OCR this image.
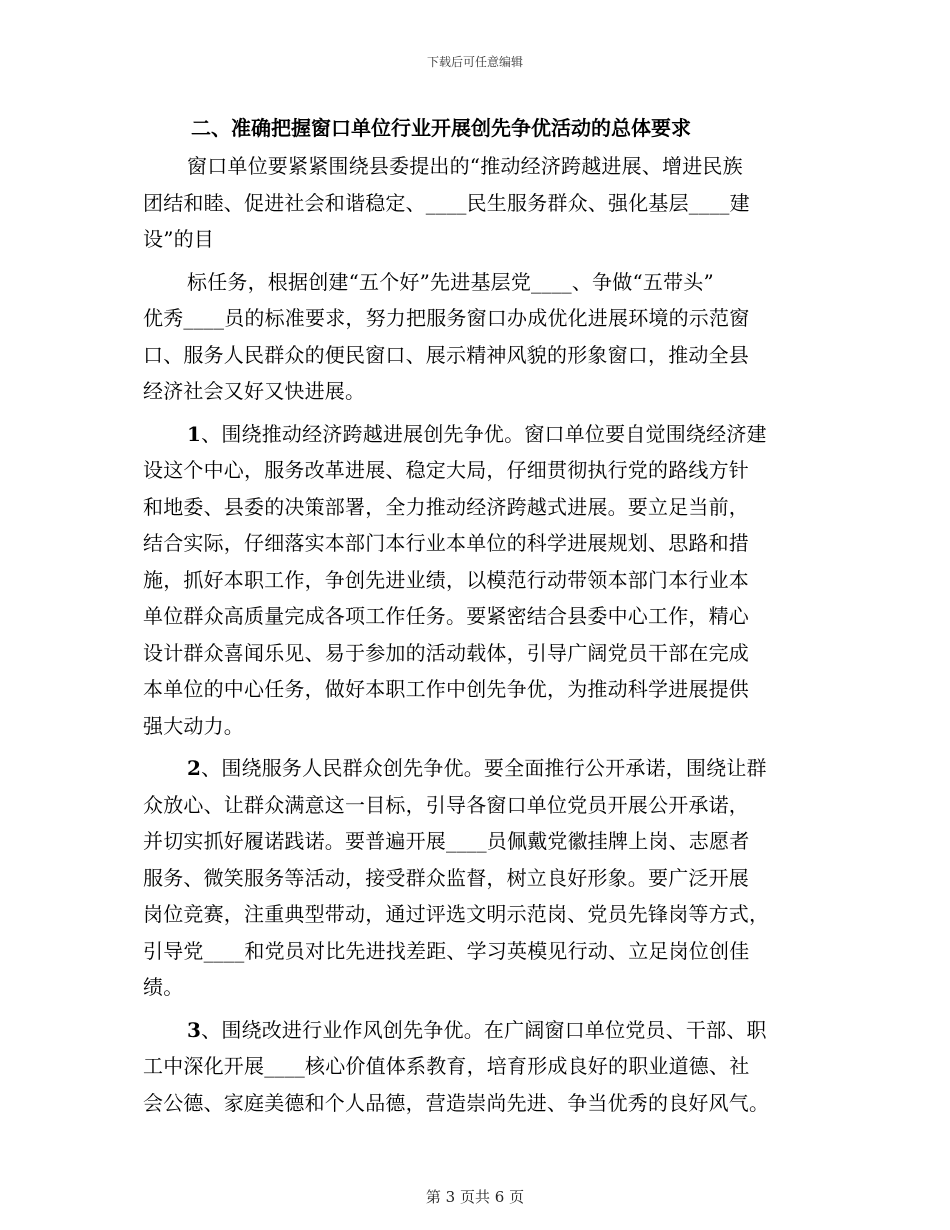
下载后可任意编辑

二、准确把握窗口单位行业开展创先争优活动的总体要求

窗口单位要紧紧围绕县委提出的“推动经济跨越进展、增进民族

团结和睦、促进社会和谐稳定、____民生服务群众、强化基层____建

设”的目

标任务，根据创建“五个好”先进基层党____、争做“五带头”

优秀____员的标准要求，努力把服务窗口办成优化进展环境的示范窗

口、服务人民群众的便民窗口、展示精神风貌的形象窗口，推动全县

经济社会又好又快进展。

1、围绕推动经济跨越进展创先争优。窗口单位要自觉围绕经济建

设这个中心，服务改革进展、稳定大局，仔细贯彻执行党的路线方针

和地委、县委的决策部署，全力推动经济跨越式进展。要立足当前，

结合实际，仔细落实本部门本行业本单位的科学进展规划、思路和措

施，抓好本职工作，争创先进业绩，以模范行动带领本部门本行业本

单位群众高质量完成各项工作任务。要紧密结合县委中心工作，精心

设计群众喜闻乐见、易于参加的活动载体，引导广阔党员干部在完成

本单位的中心任务，做好本职工作中创先争优，为推动科学进展提供

强大动力。

2、围绕服务人民群众创先争优。要全面推行公开承诺，围绕让群

众放心、让群众满意这一目标，引导各窗口单位党员开展公开承诺，

并切实抓好履诺践诺。要普遍开展____员佩戴党徽挂牌上岗、志愿者

服务、微笑服务等活动，接受群众监督，树立良好形象。要广泛开展

岗位竞赛，注重典型带动，通过评选文明示范岗、党员先锋岗等方式，

引导党____和党员对比先进找差距、学习英模见行动、立足岗位创佳

绩。

3、围绕改进行业作风创先争优。在广阔窗口单位党员、干部、职

工中深化开展____核心价值体系教育，培育形成良好的职业道德、社

会公德、家庭美德和个人品德，营造崇尚先进、争当优秀的良好风气。

第 3 页共 6 页
